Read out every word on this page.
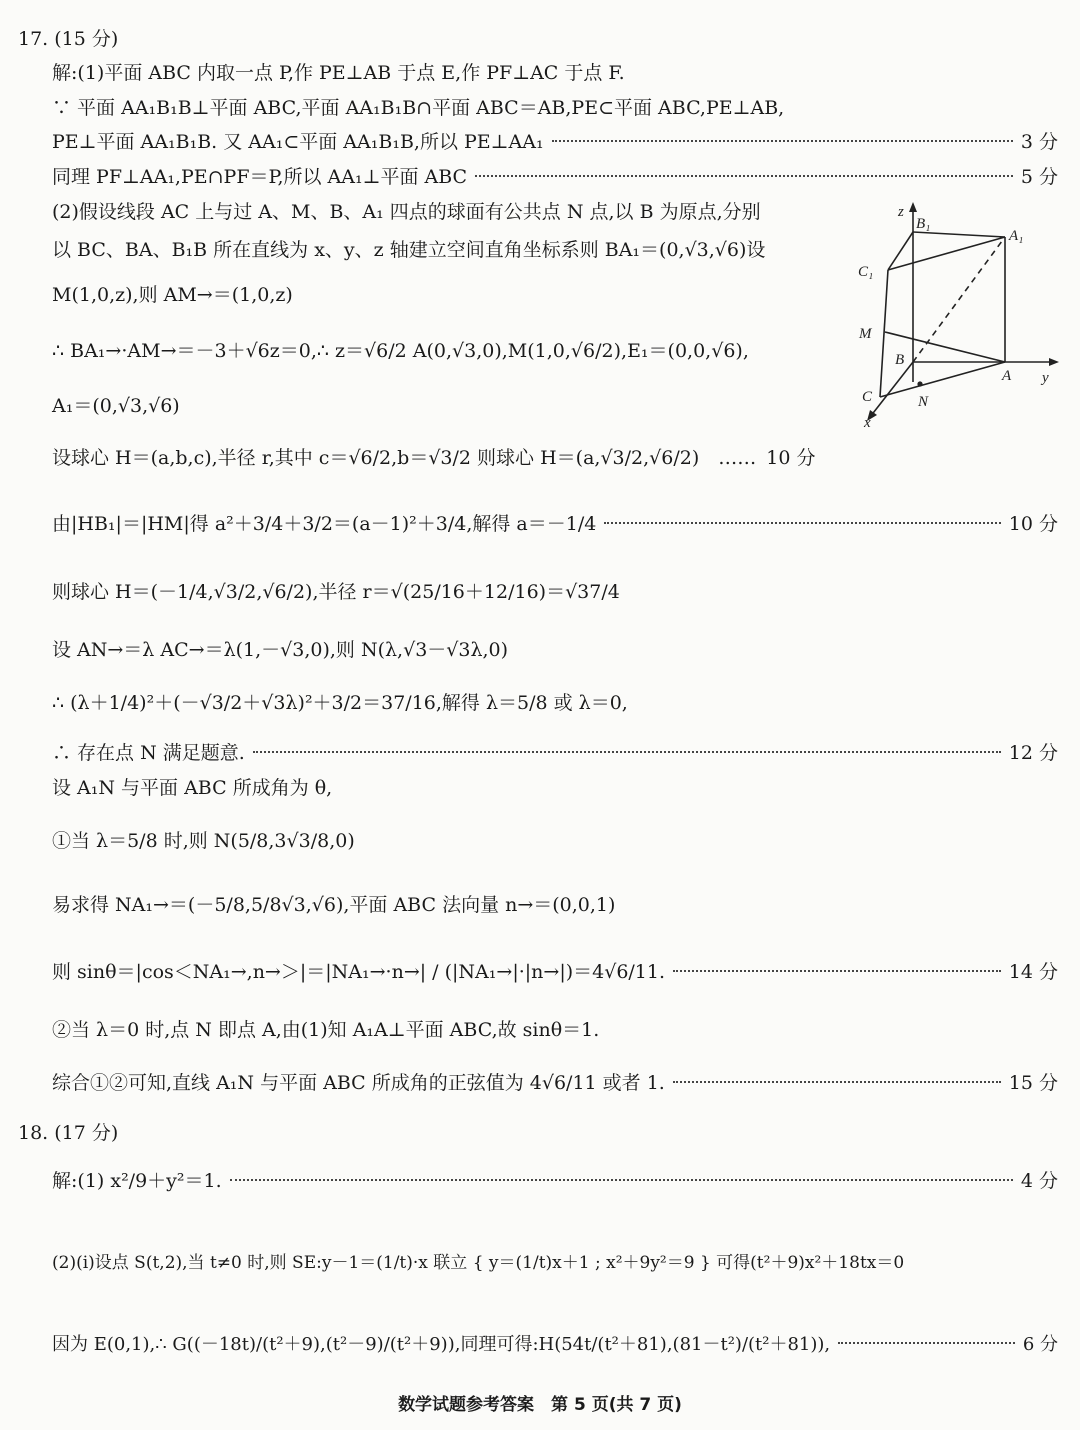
17. (15 分)
解:(1)平面 ABC 内取一点 P,作 PE⊥AB 于点 E,作 PF⊥AC 于点 F.
∵ 平面 AA₁B₁B⊥平面 ABC,平面 AA₁B₁B∩平面 ABC＝AB,PE⊂平面 ABC,PE⊥AB,
PE⊥平面 AA₁B₁B. 又 AA₁⊂平面 AA₁B₁B,所以 PE⊥AA₁	3 分
同理 PF⊥AA₁,PE∩PF＝P,所以 AA₁⊥平面 ABC	5 分
(2)假设线段 AC 上与过 A、M、B、A₁ 四点的球面有公共点 N 点,以 B 为原点,分别
以 BC、BA、B₁B 所在直线为 x、y、z 轴建立空间直角坐标系则 BA₁＝(0,√3,√6)设
M(1,0,z),则 AM→＝(1,0,z)
∴ BA₁→·AM→＝－3＋√6z＝0,∴ z＝√6/2 A(0,√3,0),M(1,0,√6/2),E₁＝(0,0,√6),
A₁＝(0,√3,√6)
设球心 H＝(a,b,c),半径 r,其中 c＝√6/2,b＝√3/2 则球心 H＝(a,√3/2,√6/2)　…… 10 分
由|HB₁|＝|HM|得 a²＋3/4＋3/2＝(a－1)²＋3/4,解得 a＝－1/4	10 分
则球心 H＝(－1/4,√3/2,√6/2),半径 r＝√(25/16＋12/16)＝√37/4
设 AN→＝λ AC→＝λ(1,－√3,0),则 N(λ,√3－√3λ,0)
∴ (λ＋1/4)²＋(－√3/2＋√3λ)²＋3/2＝37/16,解得 λ＝5/8 或 λ＝0,
∴ 存在点 N 满足题意.	12 分
设 A₁N 与平面 ABC 所成角为 θ,
①当 λ＝5/8 时,则 N(5/8,3√3/8,0)
易求得 NA₁→＝(－5/8,5/8√3,√6),平面 ABC 法向量 n→＝(0,0,1)
则 sinθ＝|cos＜NA₁→,n→＞|＝|NA₁→·n→| / (|NA₁→|·|n→|)＝4√6/11.	14 分
②当 λ＝0 时,点 N 即点 A,由(1)知 A₁A⊥平面 ABC,故 sinθ＝1.
综合①②可知,直线 A₁N 与平面 ABC 所成角的正弦值为 4√6/11 或者 1.	15 分
18. (17 分)
解:(1) x²/9＋y²＝1.	4 分
(2)(ⅰ)设点 S(t,2),当 t≠0 时,则 SE:y－1＝(1/t)·x 联立 { y＝(1/t)x＋1 ; x²＋9y²＝9 } 可得(t²＋9)x²＋18tx＝0
因为 E(0,1),∴ G((－18t)/(t²＋9),(t²－9)/(t²＋9)),同理可得:H(54t/(t²＋81),(81－t²)/(t²＋81)),	6 分
z
B₁
A₁
C₁
M
B
A y
C	N
x
数学试题参考答案　第 5 页(共 7 页)
